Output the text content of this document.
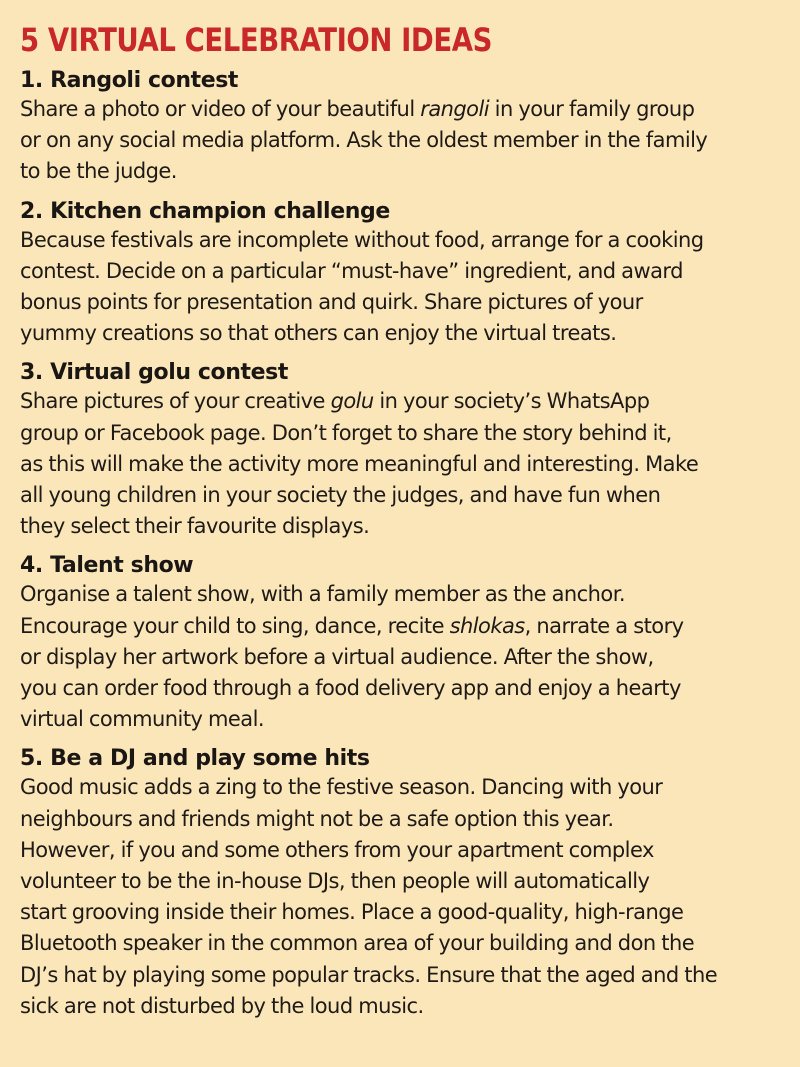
5 VIRTUAL CELEBRATION IDEAS
1. Rangoli contest

Share a photo or video of your beautiful rangoli in your family group
or on any social media platform. Ask the oldest member in the family
to be the judge.

2. Kitchen champion challenge

Because festivals are incomplete without food, arrange for a cooking
contest. Decide on a particular “must-have” ingredient, and award
bonus points for presentation and quirk. Share pictures of your
yummy creations so that others can enjoy the virtual treats.

3. Virtual golu contest

Share pictures of your creative golu in your society’s WhatsApp
group or Facebook page. Don’t forget to share the story behind it,
as this will make the activity more meaningful and interesting. Make
all young children in your society the judges, and have fun when
they select their favourite displays.

4. Talent show

Organise a talent show, with a family member as the anchor.
Encourage your child to sing, dance, recite shlokas, narrate a story
or display her artwork before a virtual audience. After the show,
you can order food through a food delivery app and enjoy a hearty
virtual community meal.

5. Be a DJ and play some hits

Good music adds a zing to the festive season. Dancing with your
neighbours and friends might not be a safe option this year.
However, if you and some others from your apartment complex
volunteer to be the in-house DJs, then people will automatically
start grooving inside their homes. Place a good-quality, high-range
Bluetooth speaker in the common area of your building and don the
DJ’s hat by playing some popular tracks. Ensure that the aged and the
sick are not disturbed by the loud music.
